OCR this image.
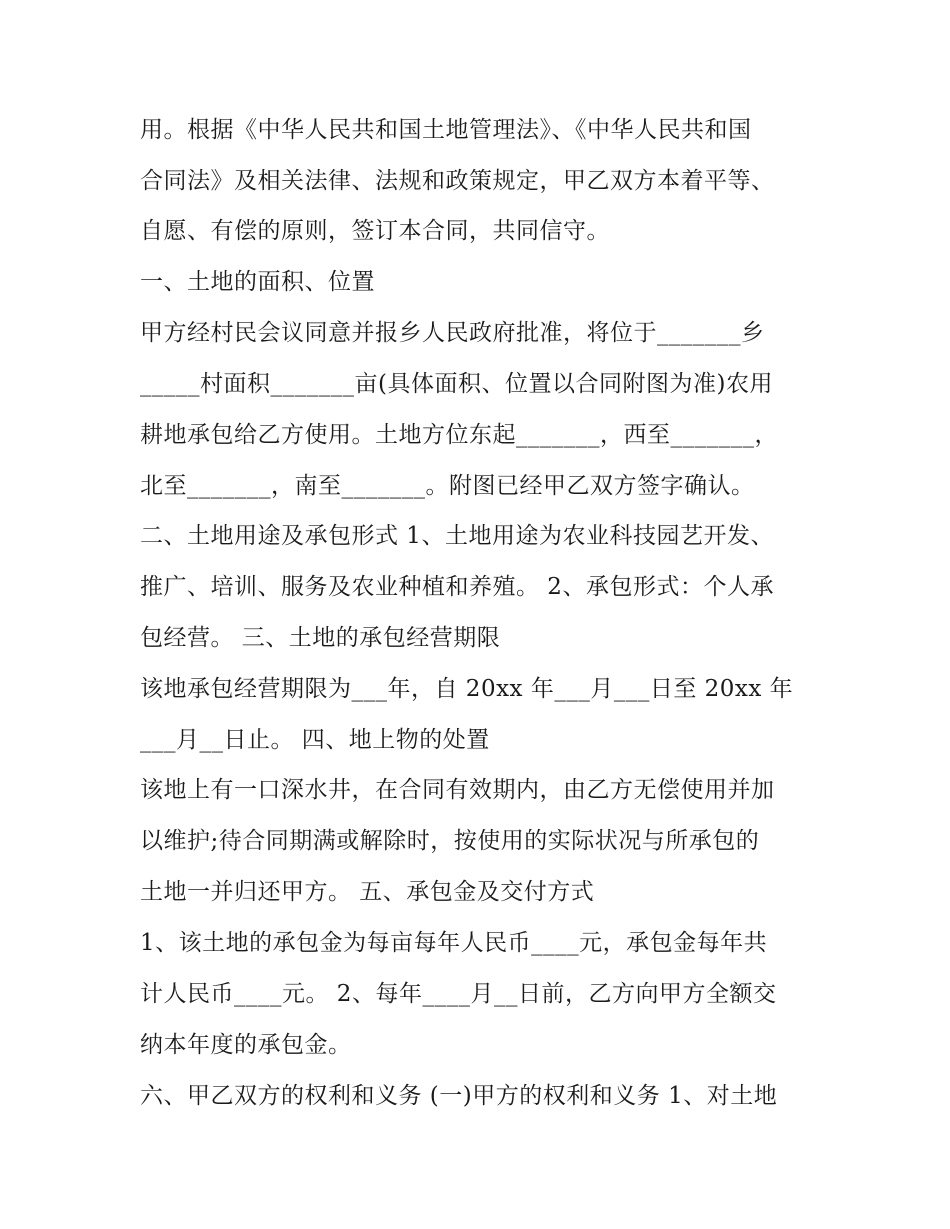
用。根据《中华人民共和国土地管理法》、《中华人民共和国
合同法》及相关法律、法规和政策规定，甲乙双方本着平等、
自愿、有偿的原则，签订本合同，共同信守。
一、土地的面积、位置
甲方经村民会议同意并报乡人民政府批准，将位于_______乡
_____村面积_______亩(具体面积、位置以合同附图为准)农用
耕地承包给乙方使用。土地方位东起_______，西至_______，
北至_______，南至_______。附图已经甲乙双方签字确认。
二、土地用途及承包形式 1、土地用途为农业科技园艺开发、
推广、培训、服务及农业种植和养殖。 2、承包形式：个人承
包经营。 三、土地的承包经营期限
该地承包经营期限为___年，自 20xx 年___月___日至 20xx 年
___月__日止。 四、地上物的处置
该地上有一口深水井，在合同有效期内，由乙方无偿使用并加
以维护;待合同期满或解除时，按使用的实际状况与所承包的
土地一并归还甲方。 五、承包金及交付方式
1、该土地的承包金为每亩每年人民币____元，承包金每年共
计人民币____元。 2、每年____月__日前，乙方向甲方全额交
纳本年度的承包金。
六、甲乙双方的权利和义务 (一)甲方的权利和义务 1、对土地
